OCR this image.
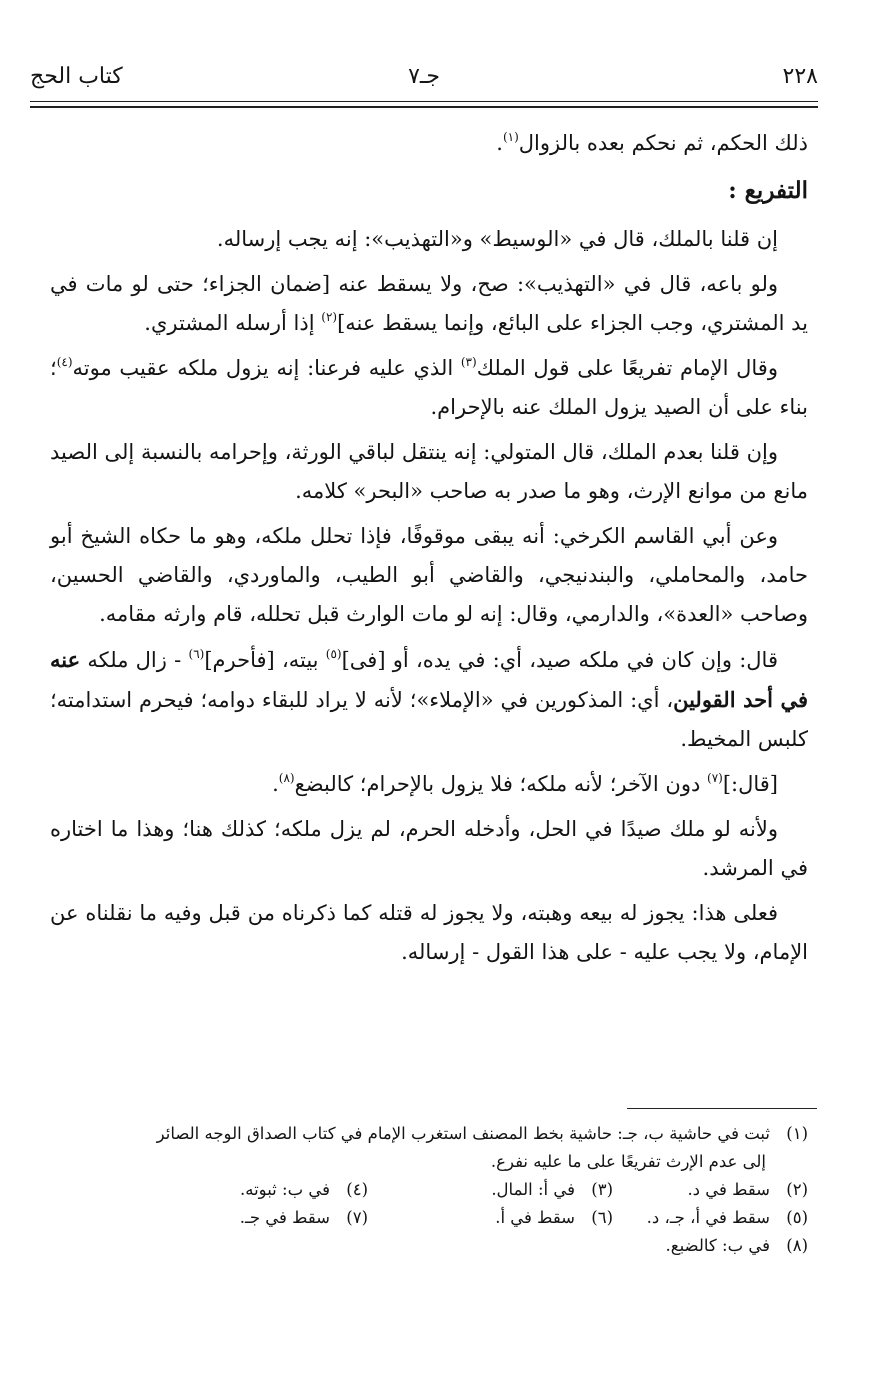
٢٢٨
جـ٧
كتاب الحج

ذلك الحكم، ثم نحكم بعده بالزوال$^{(١)}$.

التفريع :

إن قلنا بالملك، قال في «الوسيط» و«التهذيب»: إنه يجب إرساله.

ولو باعه، قال في «التهذيب»: صح، ولا يسقط عنه [ضمان الجزاء؛ حتى لو مات في يد المشتري، وجب الجزاء على البائع، وإنما يسقط عنه]$^{(٢)}$ إذا أرسله المشتري.

وقال الإمام تفريعًا على قول الملك$^{(٣)}$ الذي عليه فرعنا: إنه يزول ملكه عقيب موته$^{(٤)}$؛ بناء على أن الصيد يزول الملك عنه بالإحرام.

وإن قلنا بعدم الملك، قال المتولي: إنه ينتقل لباقي الورثة، وإحرامه بالنسبة إلى الصيد مانع من موانع الإرث، وهو ما صدر به صاحب «البحر» كلامه.

وعن أبي القاسم الكرخي: أنه يبقى موقوفًا، فإذا تحلل ملكه، وهو ما حكاه الشيخ أبو حامد، والمحاملي، والبندنيجي، والقاضي أبو الطيب، والماوردي، والقاضي الحسين، وصاحب «العدة»، والدارمي، وقال: إنه لو مات الوارث قبل تحلله، قام وارثه مقامه.

قال: وإن كان في ملكه صيد، أي: في يده، أو [فى]$^{(٥)}$ بيته، [فأحرم]$^{(٦)}$ - زال ملكه عنه في أحد القولين، أي: المذكورين في «الإملاء»؛ لأنه لا يراد للبقاء دوامه؛ فيحرم استدامته؛ كلبس المخيط.

[قال:]$^{(٧)}$ دون الآخر؛ لأنه ملكه؛ فلا يزول بالإحرام؛ كالبضع$^{(٨)}$.

ولأنه لو ملك صيدًا في الحل، وأدخله الحرم، لم يزل ملكه؛ كذلك هنا؛ وهذا ما اختاره في المرشد.

فعلى هذا: يجوز له بيعه وهبته، ولا يجوز له قتله كما ذكرناه من قبل وفيه ما نقلناه عن الإمام، ولا يجب عليه - على هذا القول - إرساله.

(١)ثبت في حاشية ب، جـ: حاشية بخط المصنف استغرب الإمام في كتاب الصداق الوجه الصائر
إلى عدم الإرث تفريعًا على ما عليه نفرع.
(٢)سقط في د.
(٣)في أ: المال.
(٤)في ب: ثبوته.
(٥)سقط في أ، جـ، د.
(٦)سقط في أ.
(٧)سقط في جـ.
(٨)في ب: كالضبع.
